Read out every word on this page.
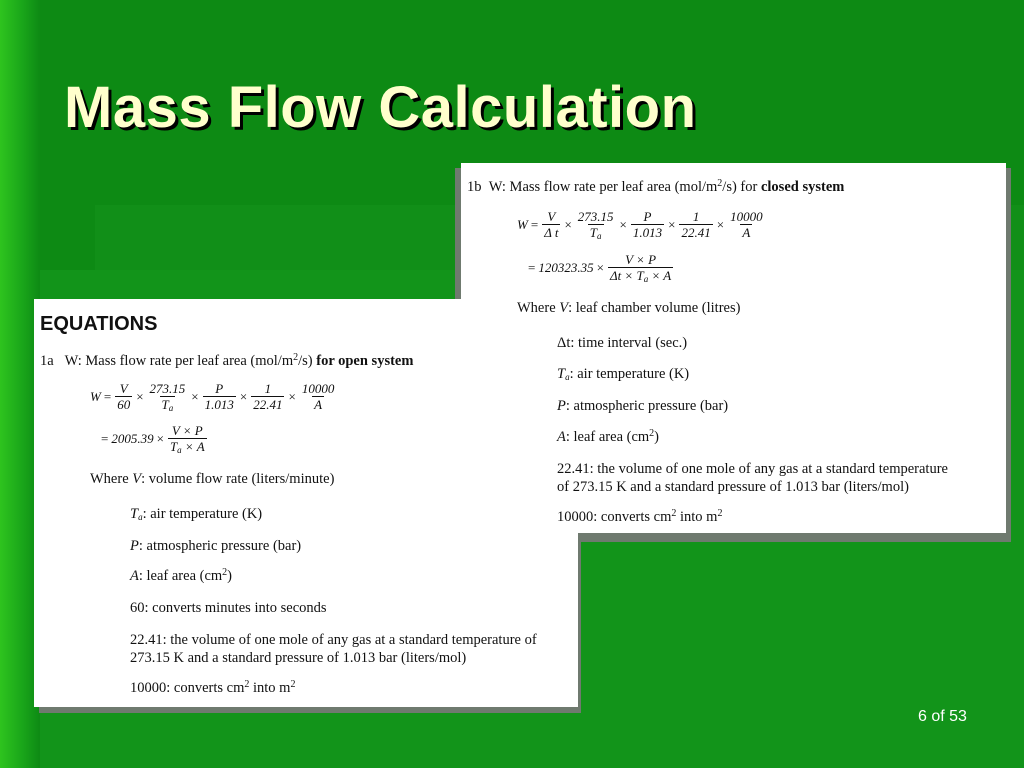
Mass Flow Calculation
EQUATIONS
1a W: Mass flow rate per leaf area $(mol/m^2/s)$ for open system
$W = \frac{V}{60} \times \frac{273.15}{T_a} \times \frac{P}{1.013} \times \frac{1}{22.41} \times \frac{10000}{A}$
= $2005.39 \times \frac{V \times P}{T_a \times A}$
Where V: volume flow rate (liters/minute)
$T_a$: air temperature (K)
P: atmospheric pressure (bar)
A: leaf area $(cm^2)$
60: converts minutes into seconds
22.41: the volume of one mole of any gas at a standard temperature of
273.15 K and a standard pressure of 1.013 bar (liters/mol)
10000: converts $cm^2$ into $m^2$
1b W: Mass flow rate per leaf area $(mol/m^2/s)$ for closed system
$W = \frac{V}{\text{Δ t}} \times \frac{273.15}{T_a} \times \frac{P}{1.013} \times \frac{1}{22.41} \times \frac{10000}{A}$
= $120323.35 \times \frac{V \times P}{\Delta t \times T_a \times A}$
Where V: leaf chamber volume (litres)
Δt: time interval (sec.)
$T_a$: air temperature (K)
P: atmospheric pressure (bar)
A: leaf area $(cm^2)$
22.41: the volume of one mole of any gas at a standard temperature
of 273.15 K and a standard pressure of 1.013 bar (liters/mol)
10000: converts $cm^2$ into $m^2$
6 of 53
